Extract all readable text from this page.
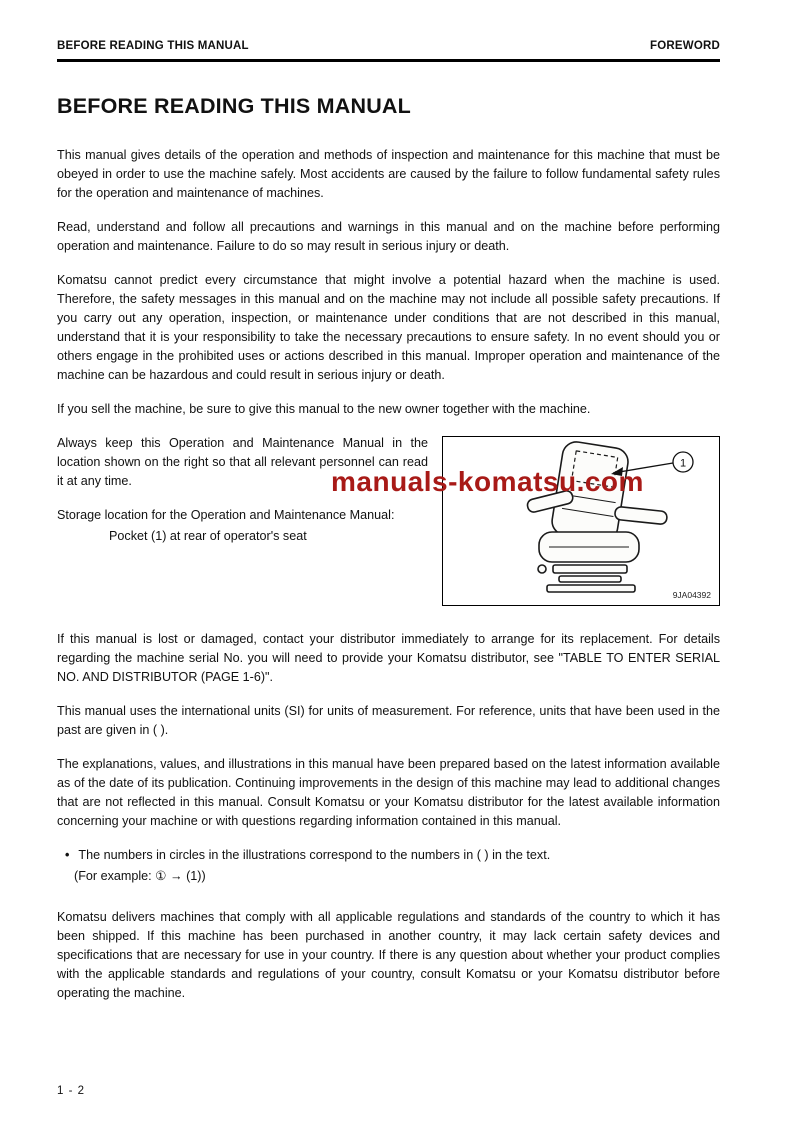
BEFORE READING THIS MANUAL	FOREWORD
BEFORE READING THIS MANUAL

This manual gives details of the operation and methods of inspection and maintenance for this machine that must be obeyed in order to use the machine safely. Most accidents are caused by the failure to follow fundamental safety rules for the operation and maintenance of machines.

Read, understand and follow all precautions and warnings in this manual and on the machine before performing operation and maintenance. Failure to do so may result in serious injury or death.

Komatsu cannot predict every circumstance that might involve a potential hazard when the machine is used. Therefore, the safety messages in this manual and on the machine may not include all possible safety precautions. If you carry out any operation, inspection, or maintenance under conditions that are not described in this manual, understand that it is your responsibility to take the necessary precautions to ensure safety. In no event should you or others engage in the prohibited uses or actions described in this manual. Improper operation and maintenance of the machine can be hazardous and could result in serious injury or death.

If you sell the machine, be sure to give this manual to the new owner together with the machine.

1
9JA04392

Always keep this Operation and Maintenance Manual in the location shown on the right so that all relevant personnel can read it at any time.

Storage location for the Operation and Maintenance Manual:

Pocket (1) at rear of operator's seat

If this manual is lost or damaged, contact your distributor immediately to arrange for its replacement. For details regarding the machine serial No. you will need to provide your Komatsu distributor, see "TABLE TO ENTER SERIAL NO. AND DISTRIBUTOR (PAGE 1-6)".

This manual uses the international units (SI) for units of measurement. For reference, units that have been used in the past are given in ( ).

The explanations, values, and illustrations in this manual have been prepared based on the latest information available as of the date of its publication. Continuing improvements in the design of this machine may lead to additional changes that are not reflected in this manual. Consult Komatsu or your Komatsu distributor for the latest available information concerning your machine or with questions regarding information contained in this manual.

• The numbers in circles in the illustrations correspond to the numbers in ( ) in the text.

(For example: ① → (1))

Komatsu delivers machines that comply with all applicable regulations and standards of the country to which it has been shipped. If this machine has been purchased in another country, it may lack certain safety devices and specifications that are necessary for use in your country. If there is any question about whether your product complies with the applicable standards and regulations of your country, consult Komatsu or your Komatsu distributor before operating the machine.

manuals-komatsu.com
1 - 2
